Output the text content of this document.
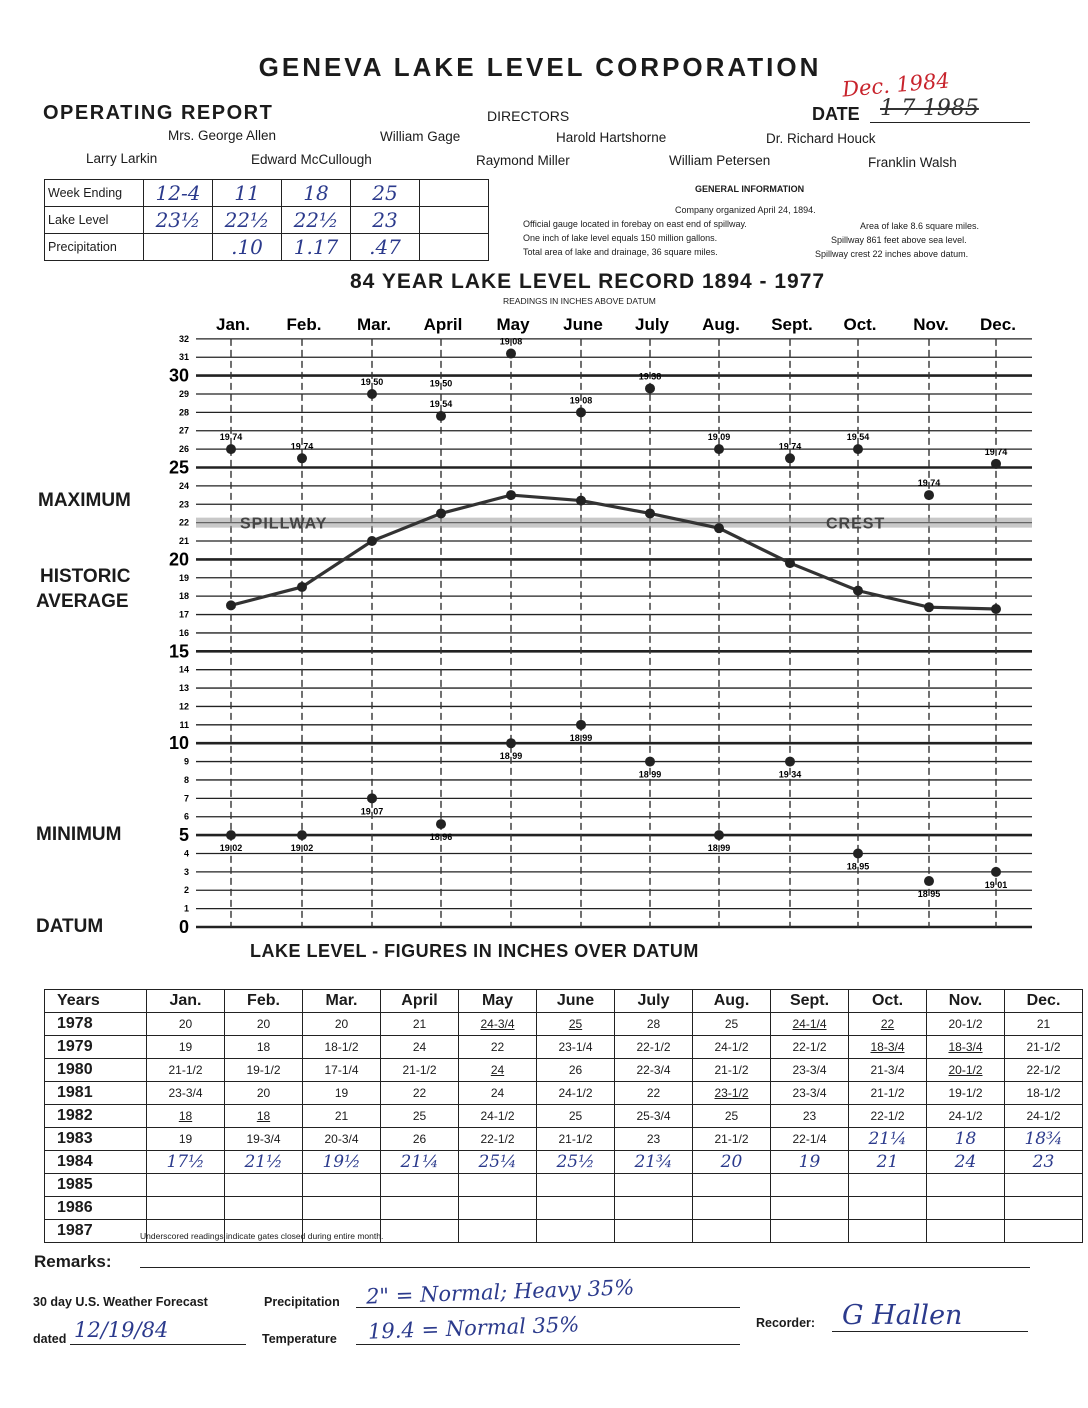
GENEVA LAKE LEVEL CORPORATION
Dec. 1984
OPERATING REPORT	DIRECTORS	DATE 1-7-1985
Mrs. George Allen	William Gage	Harold Hartshorne	Dr. Richard Houck
Larry Larkin	Edward McCullough	Raymond Miller	William Petersen	Franklin Walsh
Week Ending	12-4	11	18	25	
Lake Level	23½	22½	22½	23	
Precipitation		.10	1.17	.47	
GENERAL INFORMATION
Company organized April 24, 1894.
Official gauge located in forebay on east end of spillway.	Area of lake 8.6 square miles.
One inch of lake level equals 150 million gallons.	Spillway 861 feet above sea level.
Total area of lake and drainage, 36 square miles.	Spillway crest 22 inches above datum.
84 YEAR LAKE LEVEL RECORD 1894 - 1977
READINGS IN INCHES ABOVE DATUM
MAXIMUM
HISTORIC
AVERAGE
MINIMUM
DATUM	0
5
10
15
20
25
30
1
2
3
4
6
7
8
9
11
12
13
14
16
17
18
19
21
22
23
24
26
27
28
29
31
32
Jan. Feb. Mar. April May June July Aug. Sept. Oct. Nov. Dec.
SPILLWAY	CREST
19 74
19 74
19 50
19 54
19 08
19 08
19 38
19 09
19 74
19 54
19 74
19 74
19 50
19 02	19 02
19 07
18 96
18 99
18 99
18 99
18 99
19 34
18 95
18 95
19 01
LAKE LEVEL - FIGURES IN INCHES OVER DATUM
Years	Jan.	Feb.	Mar.	April	May	June	July	Aug.	Sept.	Oct.	Nov.	Dec.
1978	20	20	20	21	24-3/4	25	28	25	24-1/4	22	20-1/2	21
1979	19	18	18-1/2	24	22	23-1/4	22-1/2	24-1/2	22-1/2	18-3/4	18-3/4	21-1/2
1980	21-1/2	19-1/2	17-1/4	21-1/2	24	26	22-3/4	21-1/2	23-3/4	21-3/4	20-1/2	22-1/2
1981	23-3/4	20	19	22	24	24-1/2	22	23-1/2	23-3/4	21-1/2	19-1/2	18-1/2
1982	18	18	21	25	24-1/2	25	25-3/4	25	23	22-1/2	24-1/2	24-1/2
1983	19	19-3/4	20-3/4	26	22-1/2	21-1/2	23	21-1/2	22-1/4	21¼	18	18¾
1984	17½	21½	19½	21¼	25¼	25½	21¾	20	19	21	24	23
1985												
1986												
1987													Underscored readings indicate gates closed during entire month.
Remarks:
30 day U.S. Weather Forecast	Precipitation 2" = Normal; Heavy 35%
dated 12/19/84	Temperature 19.4 = Normal 35%	Recorder: G Hallen
